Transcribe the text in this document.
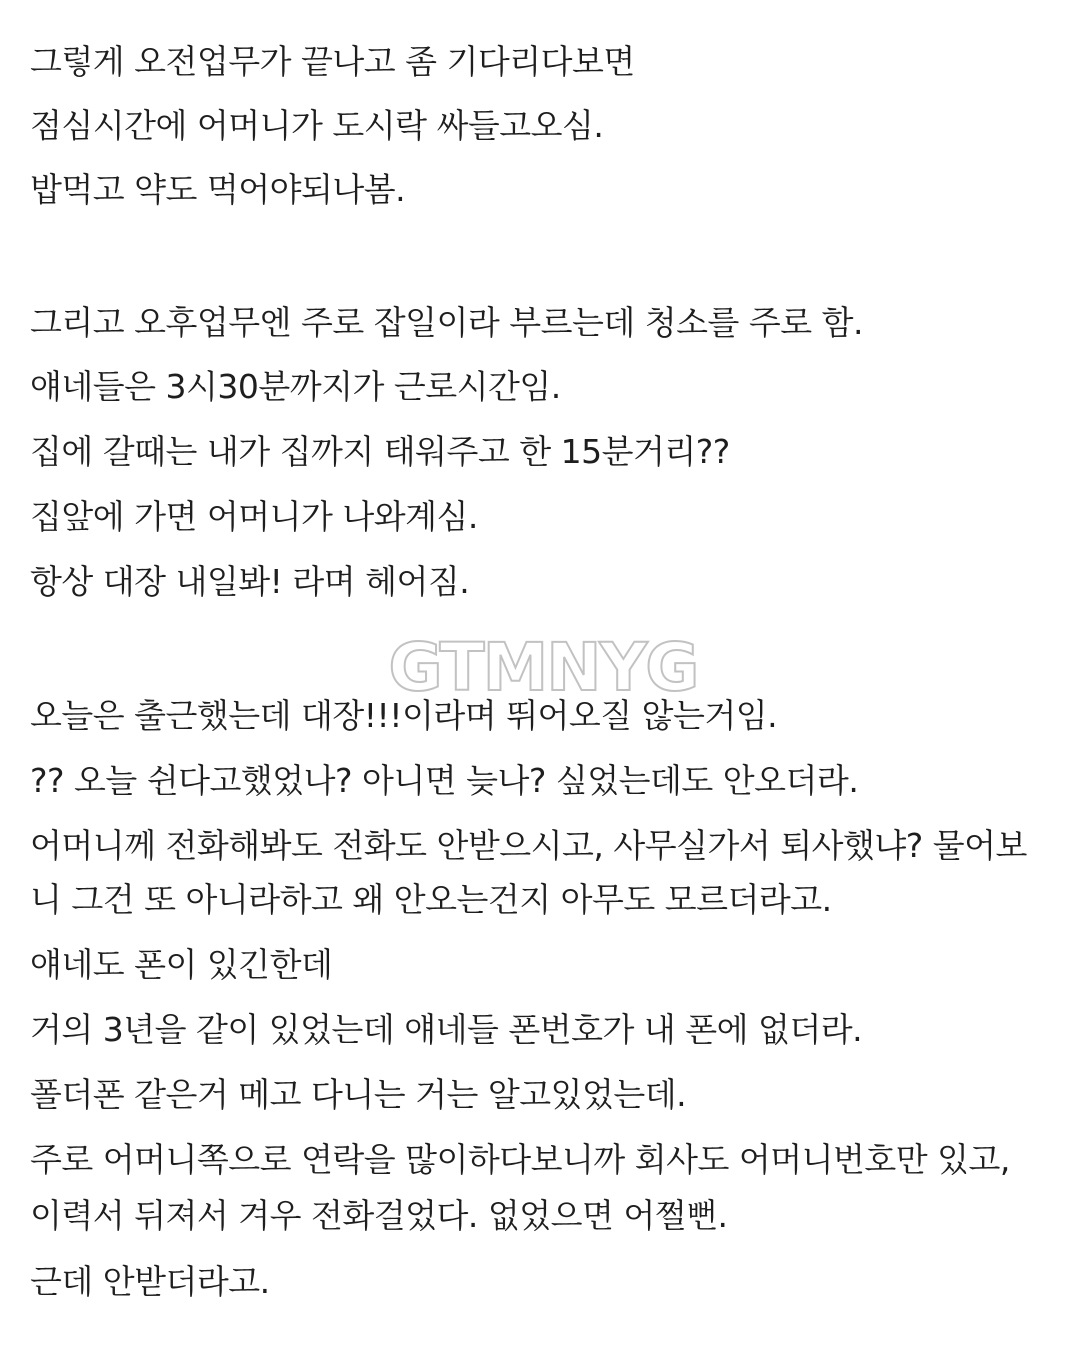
그렇게 오전업무가 끝나고 좀 기다리다보면
점심시간에 어머니가 도시락 싸들고오심.
밥먹고 약도 먹어야되나봄.
그리고 오후업무엔 주로 잡일이라 부르는데 청소를 주로 함.
얘네들은 3시30분까지가 근로시간임.
집에 갈때는 내가 집까지 태워주고 한 15분거리??
집앞에 가면 어머니가 나와계심.
항상 대장 내일봐! 라며 헤어짐.
오늘은 출근했는데 대장!!!이라며 뛰어오질 않는거임.
?? 오늘 쉰다고했었나? 아니면 늦나? 싶었는데도 안오더라.
어머니께 전화해봐도 전화도 안받으시고, 사무실가서 퇴사했냐? 물어보
니 그건 또 아니라하고 왜 안오는건지 아무도 모르더라고.
얘네도 폰이 있긴한데
거의 3년을 같이 있었는데 얘네들 폰번호가 내 폰에 없더라.
폴더폰 같은거 메고 다니는 거는 알고있었는데.
주로 어머니쪽으로 연락을 많이하다보니까 회사도 어머니번호만 있고,
이력서 뒤져서 겨우 전화걸었다. 없었으면 어쩔뻔.
근데 안받더라고.
GTMNYG
